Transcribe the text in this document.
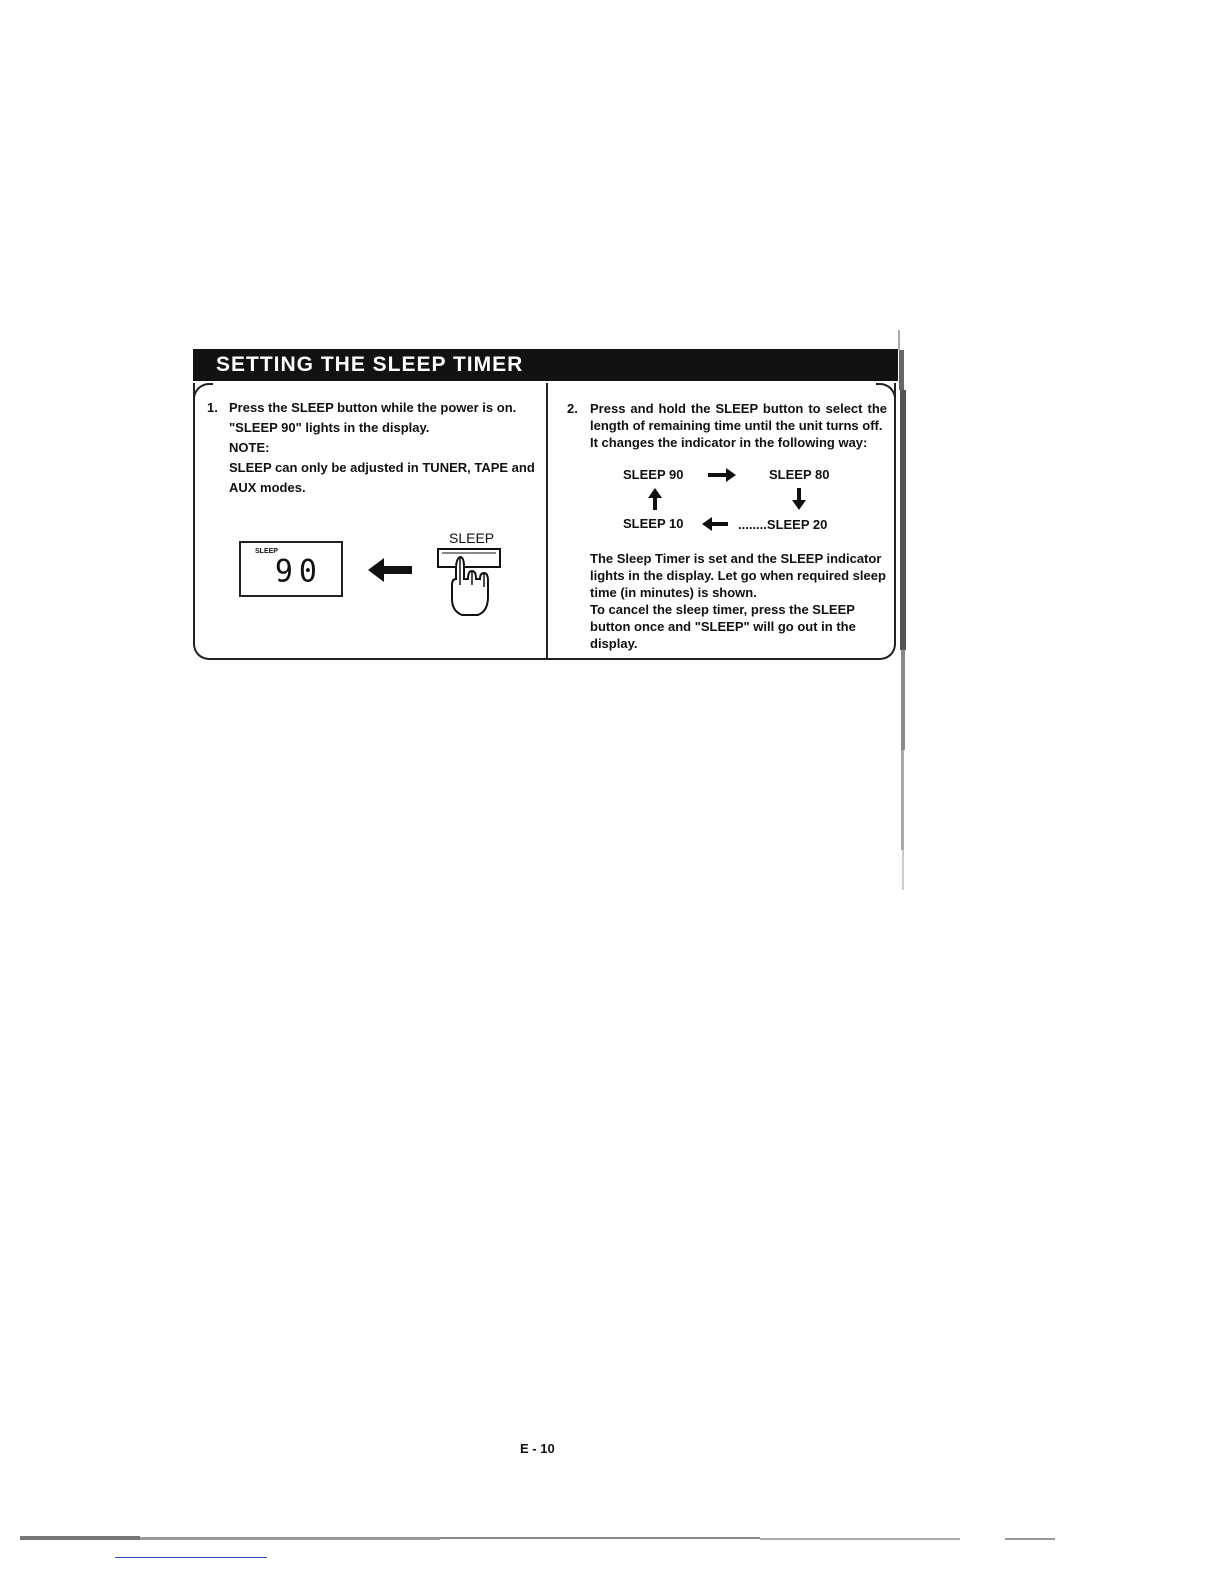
SETTING THE SLEEP TIMER
1. Press the SLEEP button while the power is on.
"SLEEP 90" lights in the display.
NOTE:
SLEEP can only be adjusted in TUNER, TAPE and AUX modes.
SLEEP
90
SLEEP
2. Press and hold the SLEEP button to select the length of remaining time until the unit turns off.
It changes the indicator in the following way:
SLEEP 90	SLEEP 80
SLEEP 10	........SLEEP 20
The Sleep Timer is set and the SLEEP indicator lights in the display. Let go when required sleep time (in minutes) is shown.
To cancel the sleep timer, press the SLEEP button once and "SLEEP" will go out in the display.
E - 10
